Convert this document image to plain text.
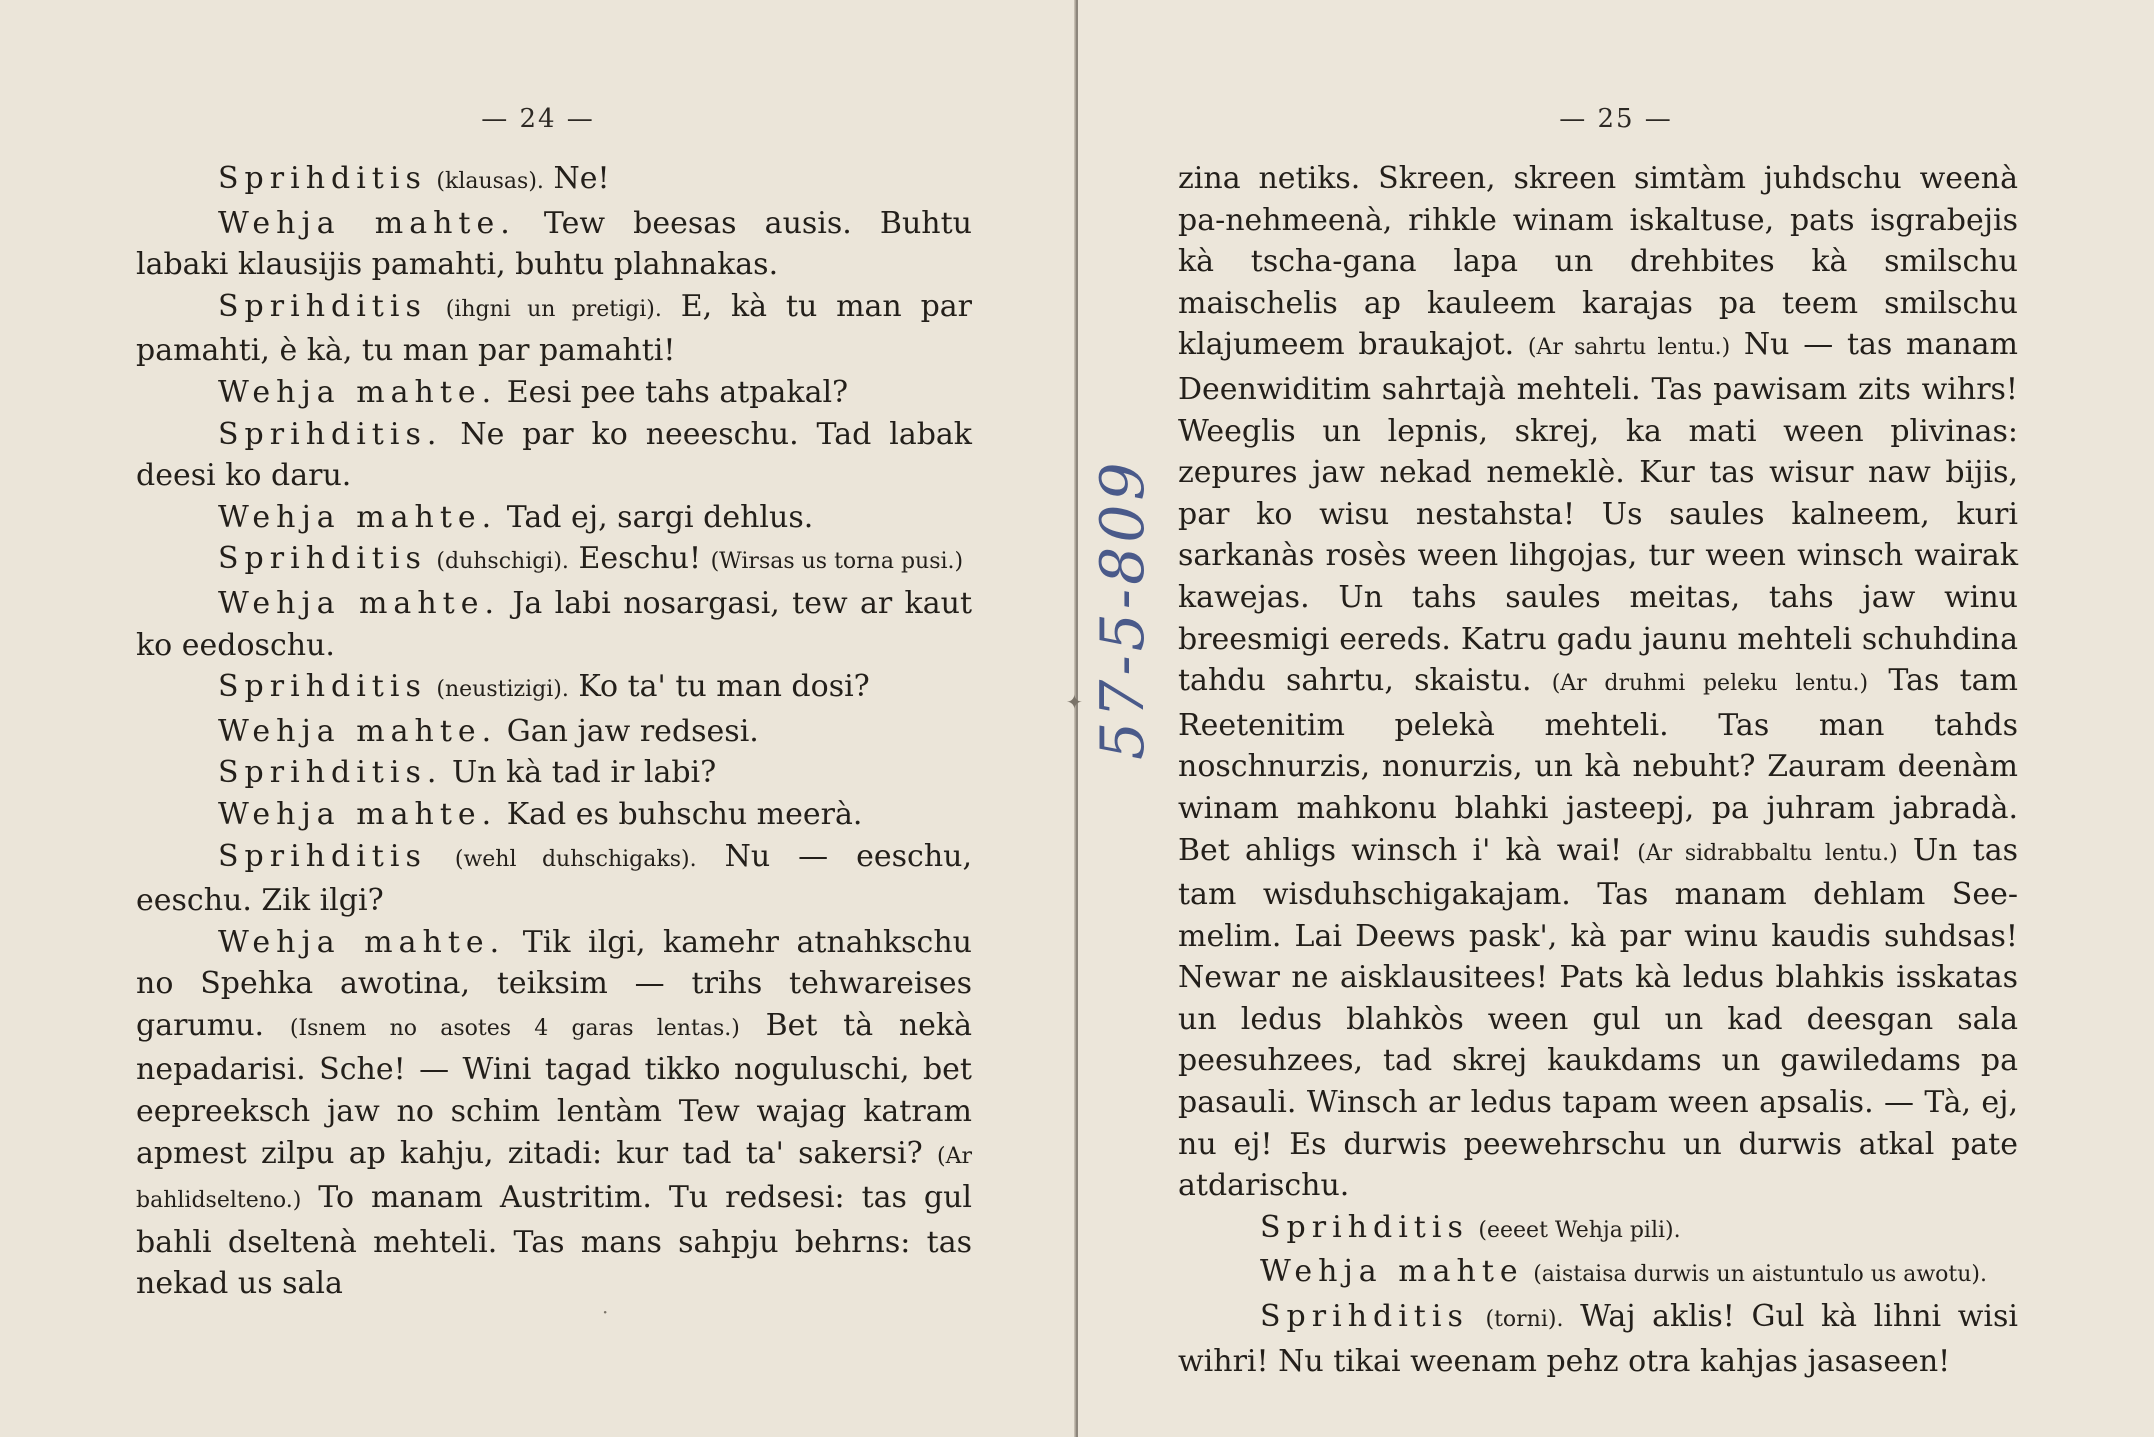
— 24 —

Sprihditis (klausas). Ne!

Wehja mahte. Tew beesas ausis. Buhtu labaki klausijis pamahti, buhtu plahnakas.

Sprihditis (ihgni un pretigi). E, kà tu man par pamahti, è kà, tu man par pamahti!

Wehja mahte. Eesi pee tahs atpakal?

Sprihditis. Ne par ko neeeschu. Tad labak deesi ko daru.

Wehja mahte. Tad ej, sargi dehlus.

Sprihditis (duhschigi). Eeschu! (Wirsas us torna pusi.)

Wehja mahte. Ja labi nosargasi, tew ar kaut ko eedoschu.

Sprihditis (neustizigi). Ko ta' tu man dosi?

Wehja mahte. Gan jaw redsesi.

Sprihditis. Un kà tad ir labi?

Wehja mahte. Kad es buhschu meerà.

Sprihditis (wehl duhschigaks). Nu — eeschu, eeschu. Zik ilgi?

Wehja mahte. Tik ilgi, kamehr atnahkschu no Spehka awotina, teiksim — trihs tehwareises garumu. (Isnem no asotes 4 garas lentas.) Bet tà nekà nepadarisi. Sche! — Wini tagad tikko noguluschi, bet eepreeksch jaw no schim lentàm Tew wajag katram apmest zilpu ap kahju, zitadi: kur tad ta' sakersi? (Ar bahlidselteno.) To manam Austritim. Tu redsesi: tas gul bahli dseltenà mehteli. Tas mans sahpju behrns: tas nekad us sala

— 25 —

zina netiks. Skreen, skreen simtàm juhdschu weenà pa-nehmeenà, rihkle winam iskaltuse, pats isgrabejis kà tscha-gana lapa un drehbites kà smilschu maischelis ap kauleem karajas pa teem smilschu klajumeem braukajot. (Ar sahrtu lentu.) Nu — tas manam Deenwiditim sahrtajà mehteli. Tas pawisam zits wihrs! Weeglis un lepnis, skrej, ka mati ween plivinas: zepures jaw nekad nemeklè. Kur tas wisur naw bijis, par ko wisu nestahsta! Us saules kalneem, kuri sarkanàs rosès ween lihgojas, tur ween winsch wairak kawejas. Un tahs saules meitas, tahs jaw winu breesmigi eereds. Katru gadu jaunu mehteli schuhdina tahdu sahrtu, skaistu. (Ar druhmi peleku lentu.) Tas tam Reetenitim pelekà mehteli. Tas man tahds noschnurzis, nonurzis, un kà nebuht? Zauram deenàm winam mahkonu blahki jasteepj, pa juhram jabradà. Bet ahligs winsch i' kà wai! (Ar sidrabbaltu lentu.) Un tas tam wisduhschigakajam. Tas manam dehlam See-melim. Lai Deews pask', kà par winu kaudis suhdsas! Newar ne aisklausitees! Pats kà ledus blahkis isskatas un ledus blahkòs ween gul un kad deesgan sala peesuhzees, tad skrej kaukdams un gawiledams pa pasauli. Winsch ar ledus tapam ween apsalis. — Tà, ej, nu ej! Es durwis peewehrschu un durwis atkal pate atdarischu.

Sprihditis (eeeet Wehja pili).

Wehja mahte (aistaisa durwis un aistuntulo us awotu).

Sprihditis (torni). Waj aklis! Gul kà lihni wisi wihri! Nu tikai weenam pehz otra kahjas jasaseen!

57-5-809
✦
·
